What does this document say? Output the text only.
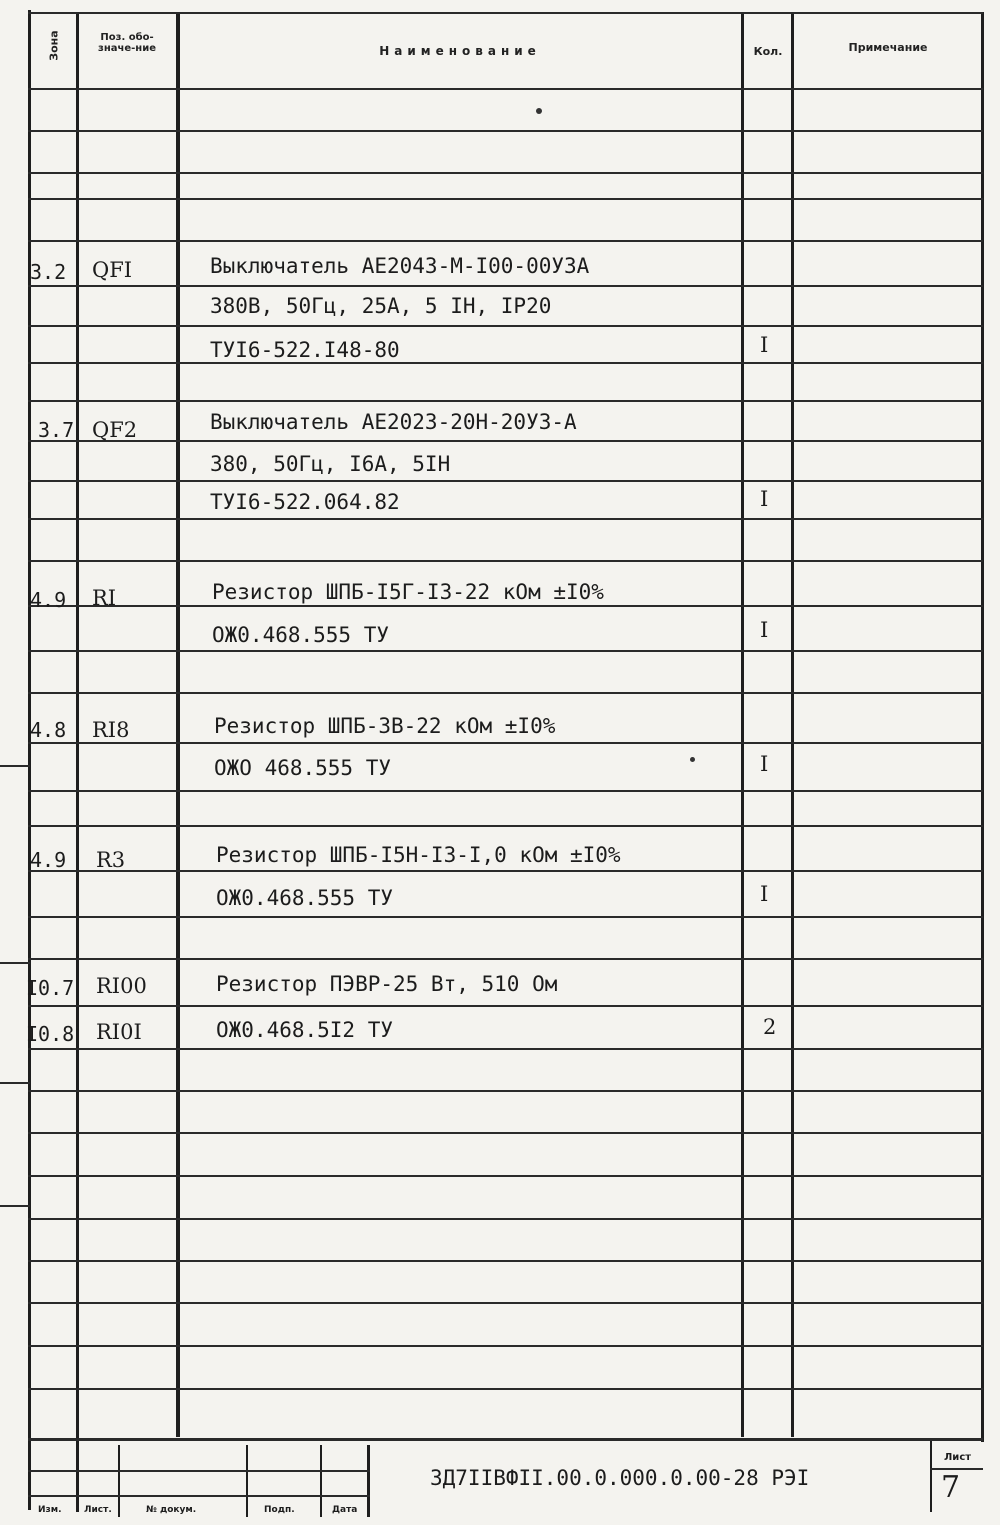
Зона	Поз. обо-значе-ние	Наименование	Кол.	Примечание
3.2 QFI	Выключатель АЕ2043-М-I00-00У3А
380В, 50Гц, 25А, 5 IН, IP20
ТУI6-522.I48-80	I
3.7 QF2	Выключатель АЕ2023-20Н-20У3-А
380, 50Гц, I6А, 5IН
ТУI6-522.064.82	I
4.9 RI	Резистор ШПБ-I5Г-I3-22 кОм ±I0%
ОЖ0.468.555 ТУ	I
4.8 RI8	Резистор ШПБ-3В-22 кОм ±I0%
ОЖО 468.555 ТУ	I
4.9 R3	Резистор ШПБ-I5Н-I3-I,0 кОм ±I0%
ОЖ0.468.555 ТУ	I
I0.7 RI00	Резистор ПЭВР-25 Вт, 510 Ом
I0.8 RI0I	ОЖ0.468.5I2 ТУ	2
Изм. Лист.	№ докум.	Подп.	Дата
3Д7IIВФII.00.0.000.0.00-28 РЭI
Лист
7
